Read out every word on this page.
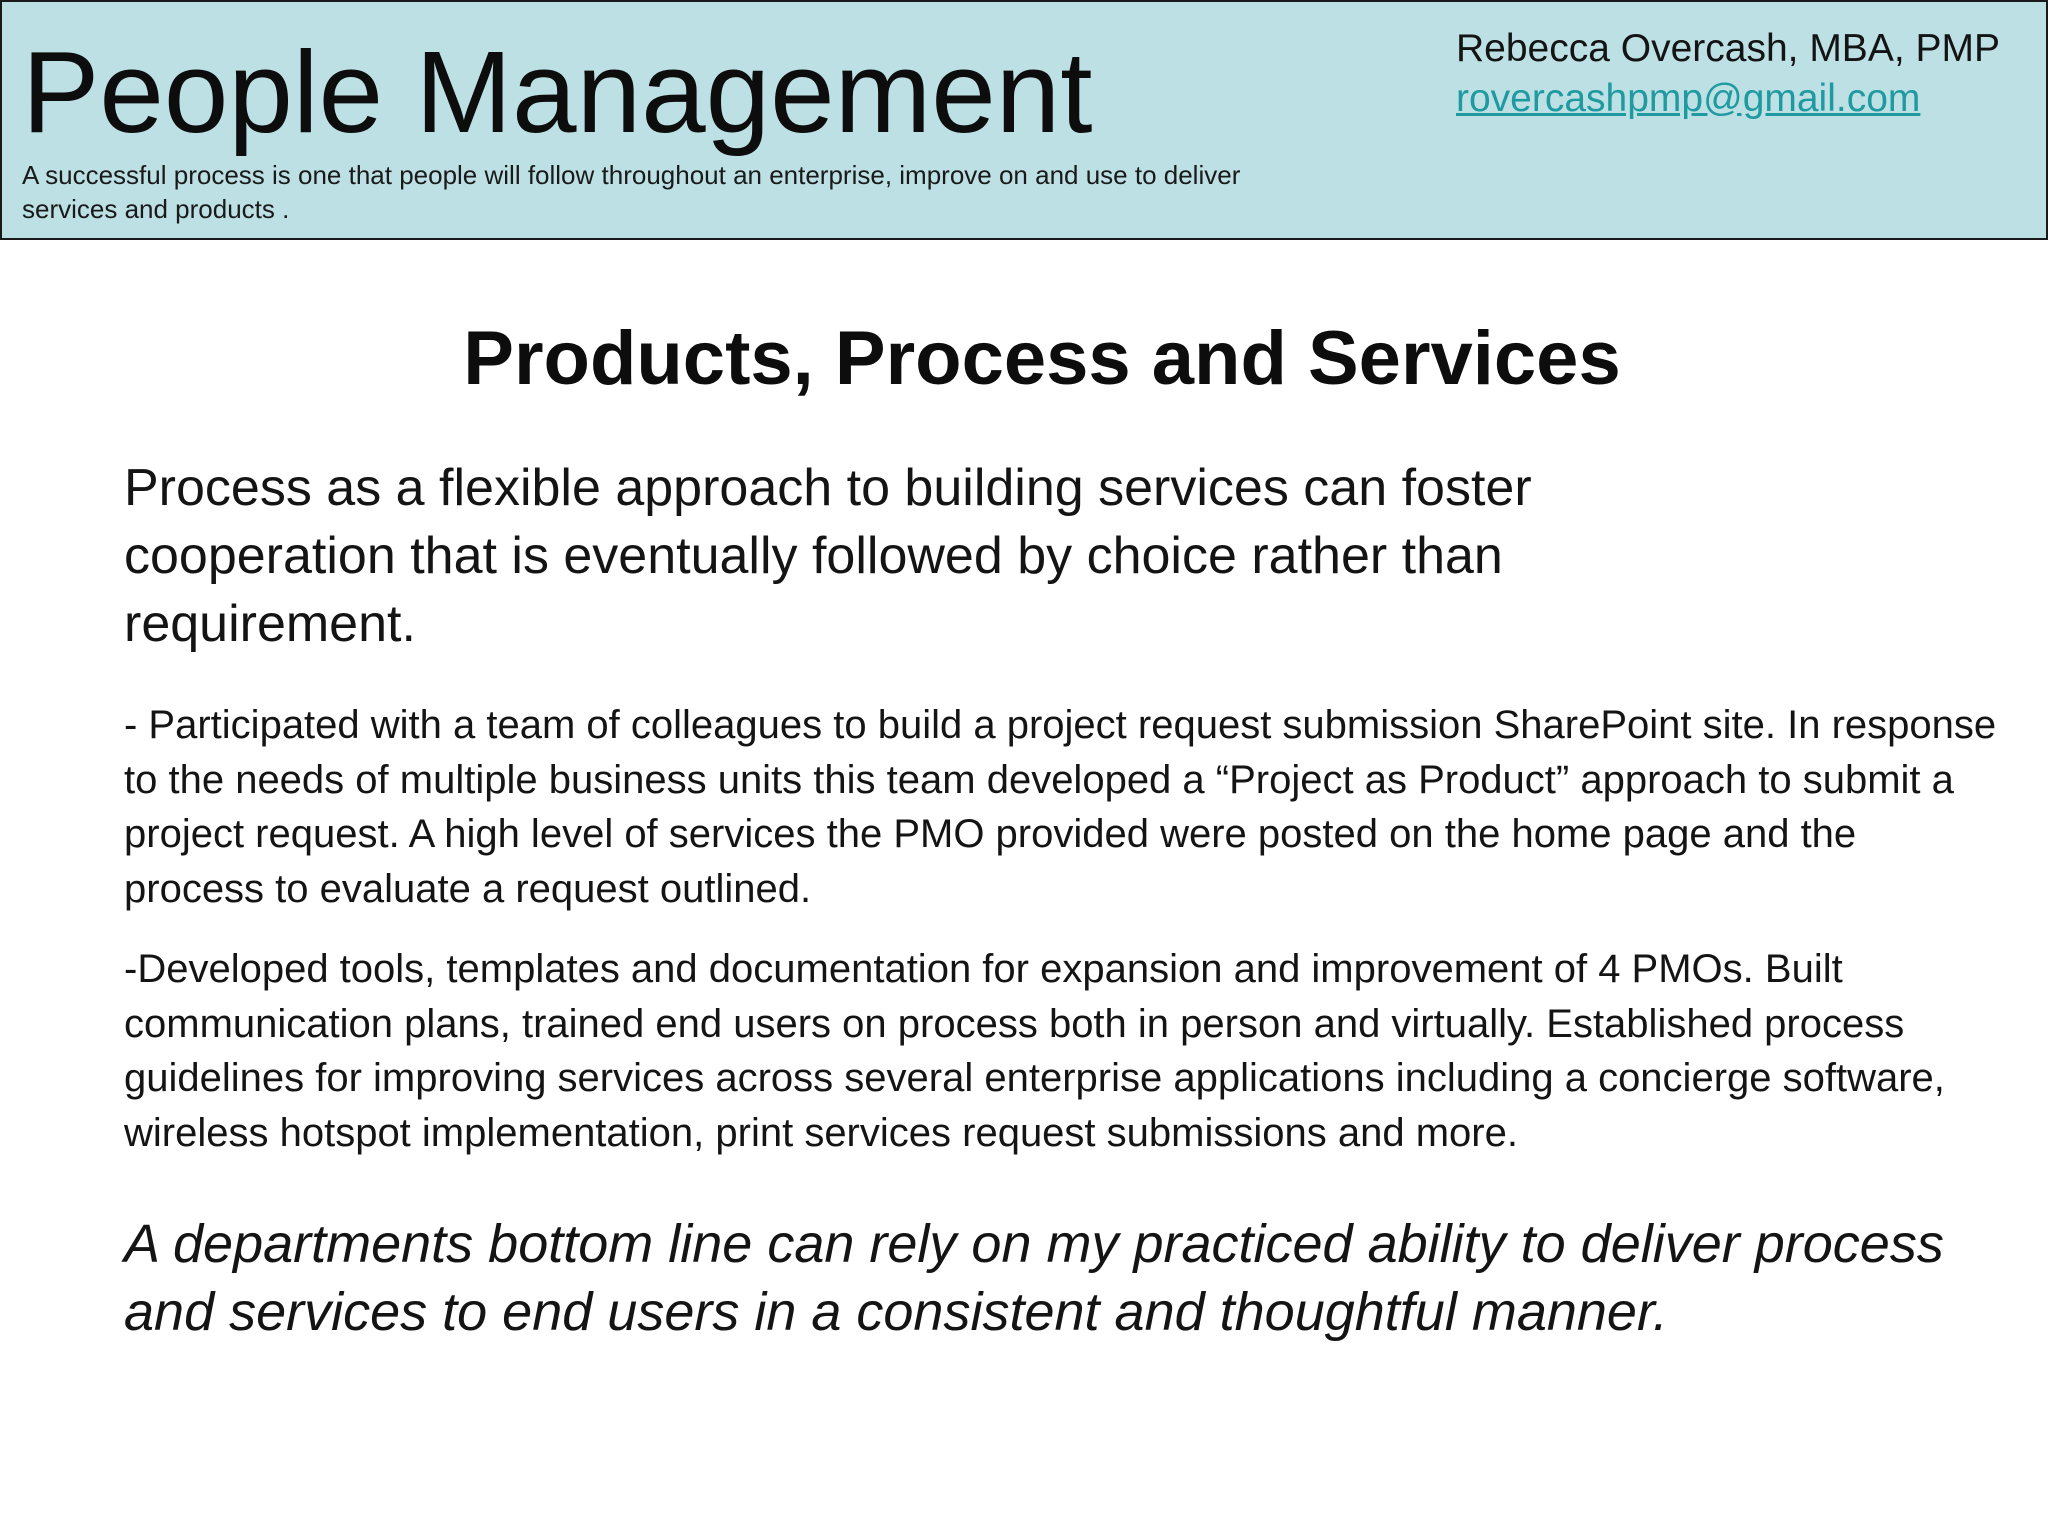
People Management
A successful process is one that people will follow throughout an enterprise, improve on and use to deliver services and products .
Rebecca Overcash, MBA, PMP
rovercashpmp@gmail.com
Products, Process and Services

Process as a flexible approach to building services can foster cooperation that is eventually followed by choice rather than requirement.

- Participated with a team of colleagues to build a project request submission SharePoint site. In response to the needs of multiple business units this team developed a “Project as Product” approach to submit a project request. A high level of services the PMO provided were posted on the home page and the process to evaluate a request outlined.

-Developed tools, templates and documentation for expansion and improvement of 4 PMOs. Built communication plans, trained end users on process both in person and virtually. Established process guidelines for improving services across several enterprise applications including a concierge software, wireless hotspot implementation, print services request submissions and more.

A departments bottom line can rely on my practiced ability to deliver process and services to end users in a consistent and thoughtful manner.
